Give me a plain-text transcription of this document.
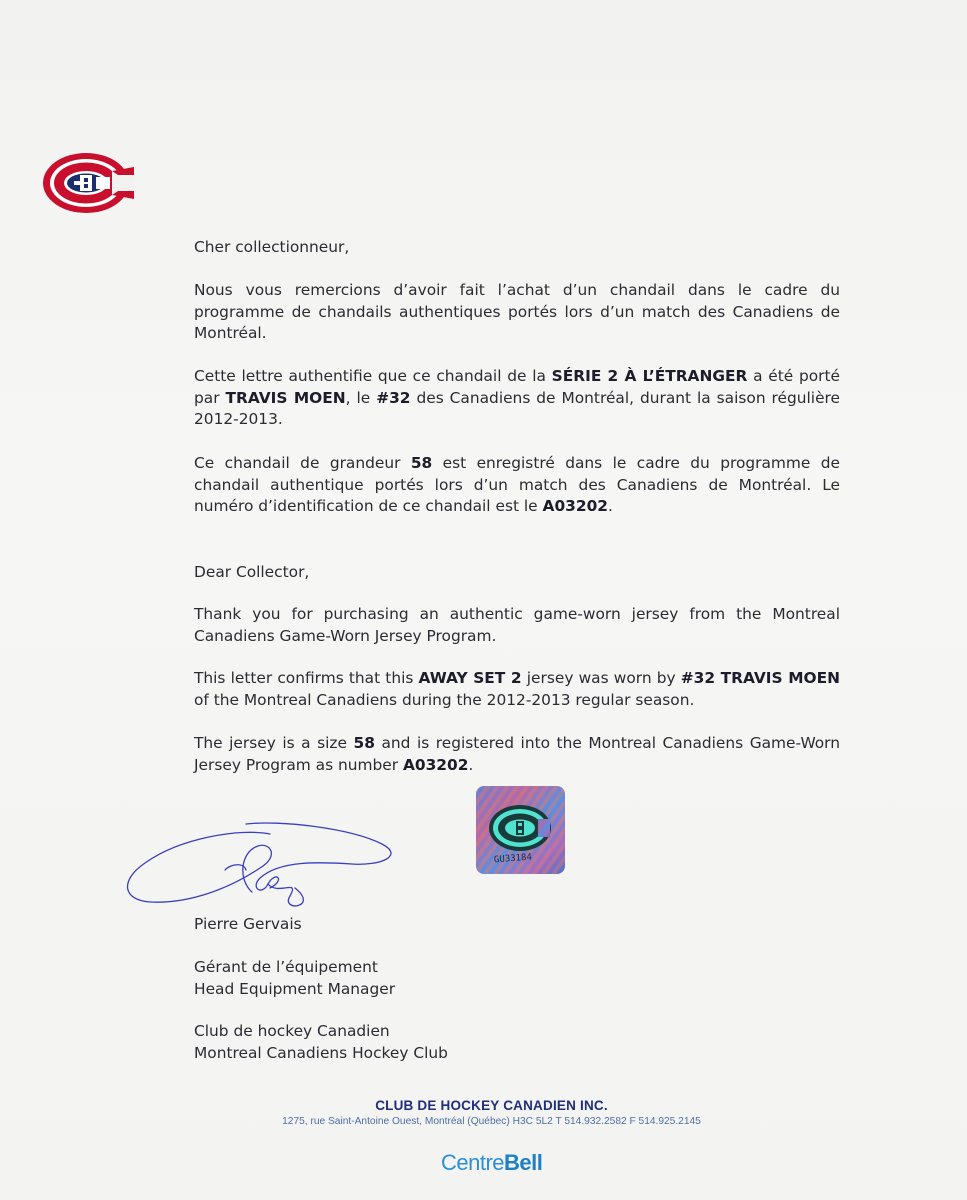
Cher collectionneur,

Nous vous remercions d’avoir fait l’achat d’un chandail dans le cadre du programme de chandails authentiques portés lors d’un match des Canadiens de Montréal.

Cette lettre authentifie que ce chandail de la SÉRIE 2 À L’ÉTRANGER a été porté par TRAVIS MOEN, le #32 des Canadiens de Montréal, durant la saison régulière 2012-2013.

Ce chandail de grandeur 58 est enregistré dans le cadre du programme de chandail authentique portés lors d’un match des Canadiens de Montréal. Le numéro d’identification de ce chandail est le A03202.

Dear Collector,

Thank you for purchasing an authentic game-worn jersey from the Montreal Canadiens Game-Worn Jersey Program.

This letter confirms that this AWAY SET 2 jersey was worn by #32 TRAVIS MOEN of the Montreal Canadiens during the 2012-2013 regular season.

The jersey is a size 58 and is registered into the Montreal Canadiens Game-Worn Jersey Program as number A03202.

GU33184

Pierre Gervais

Gérant de l’équipement

Head Equipment Manager

Club de hockey Canadien

Montreal Canadiens Hockey Club

CLUB DE HOCKEY CANADIEN INC.
1275, rue Saint-Antoine Ouest, Montréal (Québec) H3C 5L2 T 514.932.2582 F 514.925.2145
CentreBell
